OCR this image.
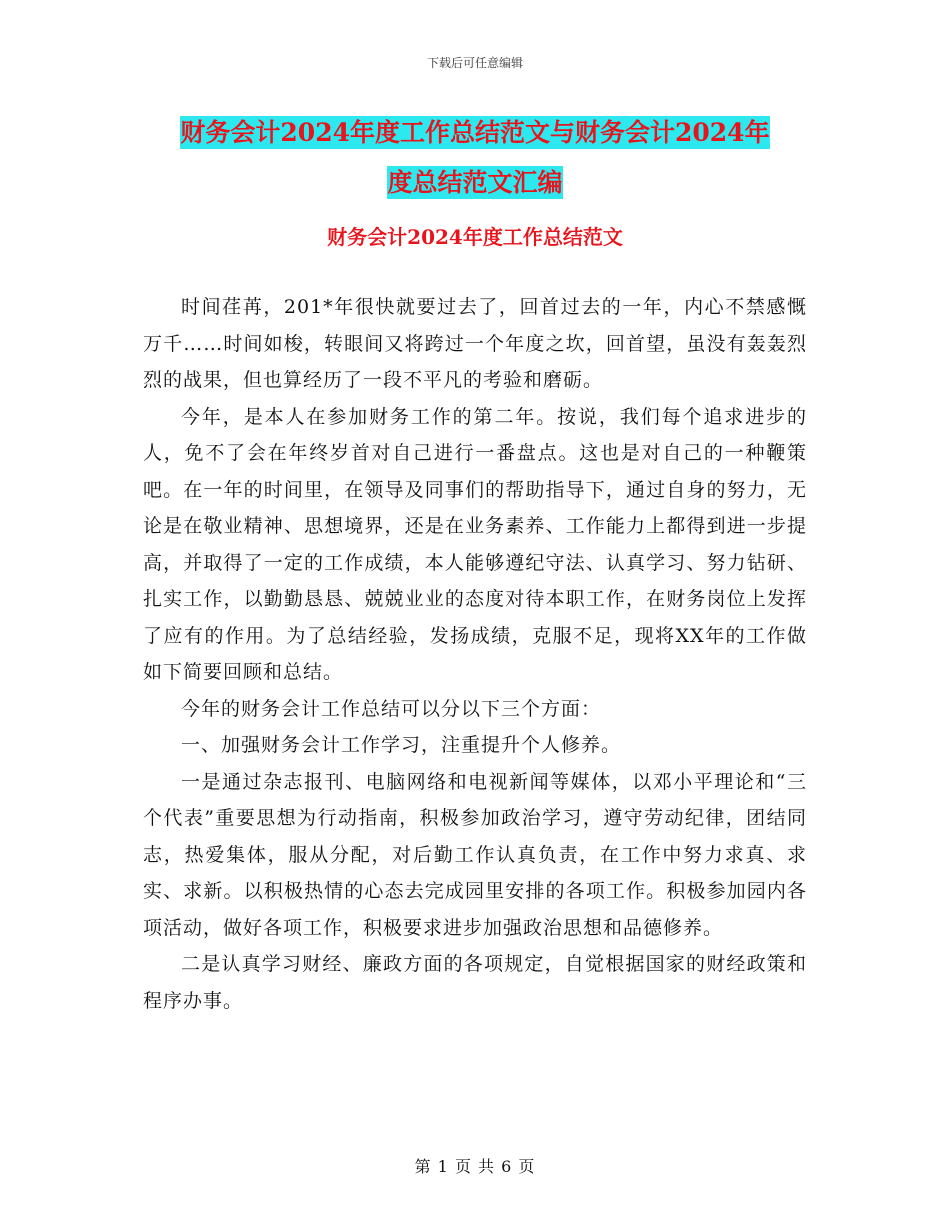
下载后可任意编辑
财务会计2024年度工作总结范文与财务会计2024年
度总结范文汇编
财务会计2024年度工作总结范文

时间荏苒，201*年很快就要过去了，回首过去的一年，内心不禁感慨万千……时间如梭，转眼间又将跨过一个年度之坎，回首望，虽没有轰轰烈烈的战果，但也算经历了一段不平凡的考验和磨砺。

今年，是本人在参加财务工作的第二年。按说，我们每个追求进步的人，免不了会在年终岁首对自己进行一番盘点。这也是对自己的一种鞭策吧。在一年的时间里，在领导及同事们的帮助指导下，通过自身的努力，无论是在敬业精神、思想境界，还是在业务素养、工作能力上都得到进一步提高，并取得了一定的工作成绩，本人能够遵纪守法、认真学习、努力钻研、扎实工作，以勤勤恳恳、兢兢业业的态度对待本职工作，在财务岗位上发挥了应有的作用。为了总结经验，发扬成绩，克服不足，现将XX年的工作做如下简要回顾和总结。

今年的财务会计工作总结可以分以下三个方面：

一、加强财务会计工作学习，注重提升个人修养。

一是通过杂志报刊、电脑网络和电视新闻等媒体，以邓小平理论和“三个代表”重要思想为行动指南，积极参加政治学习，遵守劳动纪律，团结同志，热爱集体，服从分配，对后勤工作认真负责，在工作中努力求真、求实、求新。以积极热情的心态去完成园里安排的各项工作。积极参加园内各项活动，做好各项工作，积极要求进步加强政治思想和品德修养。

二是认真学习财经、廉政方面的各项规定，自觉根据国家的财经政策和程序办事。

第 1 页 共 6 页
